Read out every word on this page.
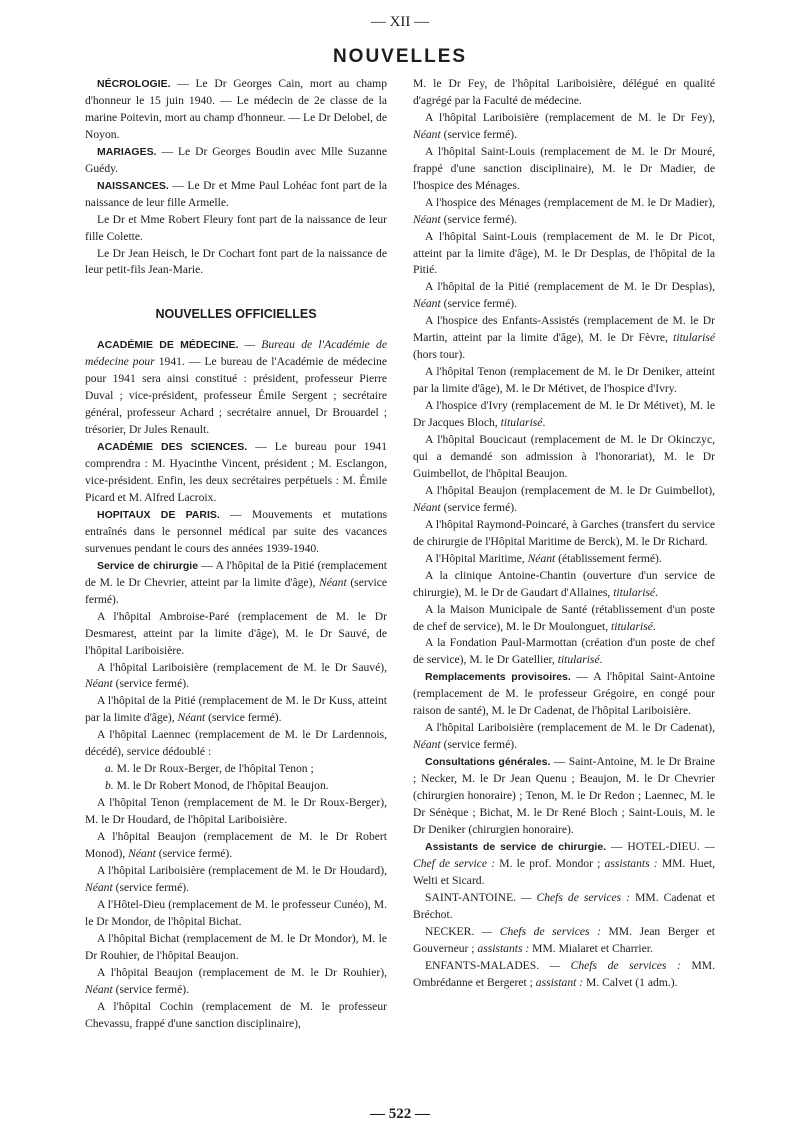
— XII —
NOUVELLES

NÉCROLOGIE. — Le Dr Georges Cain, mort au champ d'honneur le 15 juin 1940. — Le médecin de 2e classe de la marine Poitevin, mort au champ d'honneur. — Le Dr Delobel, de Noyon.

MARIAGES. — Le Dr Georges Boudin avec Mlle Suzanne Guédy.

NAISSANCES. — Le Dr et Mme Paul Lohéac font part de la naissance de leur fille Armelle.

Le Dr et Mme Robert Fleury font part de la naissance de leur fille Colette.

Le Dr Jean Heisch, le Dr Cochart font part de la naissance de leur petit-fils Jean-Marie.

NOUVELLES OFFICIELLES

ACADÉMIE DE MÉDECINE. — Bureau de l'Académie de médecine pour 1941. — Le bureau de l'Académie de médecine pour 1941 sera ainsi constitué : président, professeur Pierre Duval ; vice-président, professeur Émile Sergent ; secrétaire général, professeur Achard ; secrétaire annuel, Dr Brouardel ; trésorier, Dr Jules Renault.

ACADÉMIE DES SCIENCES. — Le bureau pour 1941 comprendra : M. Hyacinthe Vincent, président ; M. Esclangon, vice-président. Enfin, les deux secrétaires perpétuels : M. Émile Picard et M. Alfred Lacroix.

HOPITAUX DE PARIS. — Mouvements et mutations entraînés dans le personnel médical par suite des vacances survenues pendant le cours des années 1939-1940.

Service de chirurgie — A l'hôpital de la Pitié (remplacement de M. le Dr Chevrier, atteint par la limite d'âge), Néant (service fermé).

A l'hôpital Ambroise-Paré (remplacement de M. le Dr Desmarest, atteint par la limite d'âge), M. le Dr Sauvé, de l'hôpital Lariboisière.

A l'hôpital Lariboisière (remplacement de M. le Dr Sauvé), Néant (service fermé).

A l'hôpital de la Pitié (remplacement de M. le Dr Kuss, atteint par la limite d'âge), Néant (service fermé).

A l'hôpital Laennec (remplacement de M. le Dr Lardennois, décédé), service dédoublé :

a. M. le Dr Roux-Berger, de l'hôpital Tenon ;

b. M. le Dr Robert Monod, de l'hôpital Beaujon.

A l'hôpital Tenon (remplacement de M. le Dr Roux-Berger), M. le Dr Houdard, de l'hôpital Lariboisière.

A l'hôpital Beaujon (remplacement de M. le Dr Robert Monod), Néant (service fermé).

A l'hôpital Lariboisière (remplacement de M. le Dr Houdard), Néant (service fermé).

A l'Hôtel-Dieu (remplacement de M. le professeur Cunéo), M. le Dr Mondor, de l'hôpital Bichat.

A l'hôpital Bichat (remplacement de M. le Dr Mondor), M. le Dr Rouhier, de l'hôpital Beaujon.

A l'hôpital Beaujon (remplacement de M. le Dr Rouhier), Néant (service fermé).

A l'hôpital Cochin (remplacement de M. le professeur Chevassu, frappé d'une sanction disciplinaire),

M. le Dr Fey, de l'hôpital Lariboisière, délégué en qualité d'agrégé par la Faculté de médecine.

A l'hôpital Lariboisière (remplacement de M. le Dr Fey), Néant (service fermé).

A l'hôpital Saint-Louis (remplacement de M. le Dr Mouré, frappé d'une sanction disciplinaire), M. le Dr Madier, de l'hospice des Ménages.

A l'hospice des Ménages (remplacement de M. le Dr Madier), Néant (service fermé).

A l'hôpital Saint-Louis (remplacement de M. le Dr Picot, atteint par la limite d'âge), M. le Dr Desplas, de l'hôpital de la Pitié.

A l'hôpital de la Pitié (remplacement de M. le Dr Desplas), Néant (service fermé).

A l'hospice des Enfants-Assistés (remplacement de M. le Dr Martin, atteint par la limite d'âge), M. le Dr Fèvre, titularisé (hors tour).

A l'hôpital Tenon (remplacement de M. le Dr Deniker, atteint par la limite d'âge), M. le Dr Métivet, de l'hospice d'Ivry.

A l'hospice d'Ivry (remplacement de M. le Dr Métivet), M. le Dr Jacques Bloch, titularisé.

A l'hôpital Boucicaut (remplacement de M. le Dr Okinczyc, qui a demandé son admission à l'honorariat), M. le Dr Guimbellot, de l'hôpital Beaujon.

A l'hôpital Beaujon (remplacement de M. le Dr Guimbellot), Néant (service fermé).

A l'hôpital Raymond-Poincaré, à Garches (transfert du service de chirurgie de l'Hôpital Maritime de Berck), M. le Dr Richard.

A l'Hôpital Maritime, Néant (établissement fermé).

A la clinique Antoine-Chantin (ouverture d'un service de chirurgie), M. le Dr de Gaudart d'Allaines, titularisé.

A la Maison Municipale de Santé (rétablissement d'un poste de chef de service), M. le Dr Moulonguet, titularisé.

A la Fondation Paul-Marmottan (création d'un poste de chef de service), M. le Dr Gatellier, titularisé.

Remplacements provisoires. — A l'hôpital Saint-Antoine (remplacement de M. le professeur Grégoire, en congé pour raison de santé), M. le Dr Cadenat, de l'hôpital Lariboisière.

A l'hôpital Lariboisière (remplacement de M. le Dr Cadenat), Néant (service fermé).

Consultations générales. — Saint-Antoine, M. le Dr Braine ; Necker, M. le Dr Jean Quenu ; Beaujon, M. le Dr Chevrier (chirurgien honoraire) ; Tenon, M. le Dr Redon ; Laennec, M. le Dr Sénèque ; Bichat, M. le Dr René Bloch ; Saint-Louis, M. le Dr Deniker (chirurgien honoraire).

Assistants de service de chirurgie. — HOTEL-DIEU. — Chef de service : M. le prof. Mondor ; assistants : MM. Huet, Welti et Sicard.

SAINT-ANTOINE. — Chefs de services : MM. Cadenat et Bréchot.

NECKER. — Chefs de services : MM. Jean Berger et Gouverneur ; assistants : MM. Mialaret et Charrier.

ENFANTS-MALADES. — Chefs de services : MM. Ombrédanne et Bergeret ; assistant : M. Calvet (1 adm.).

— 522 —
